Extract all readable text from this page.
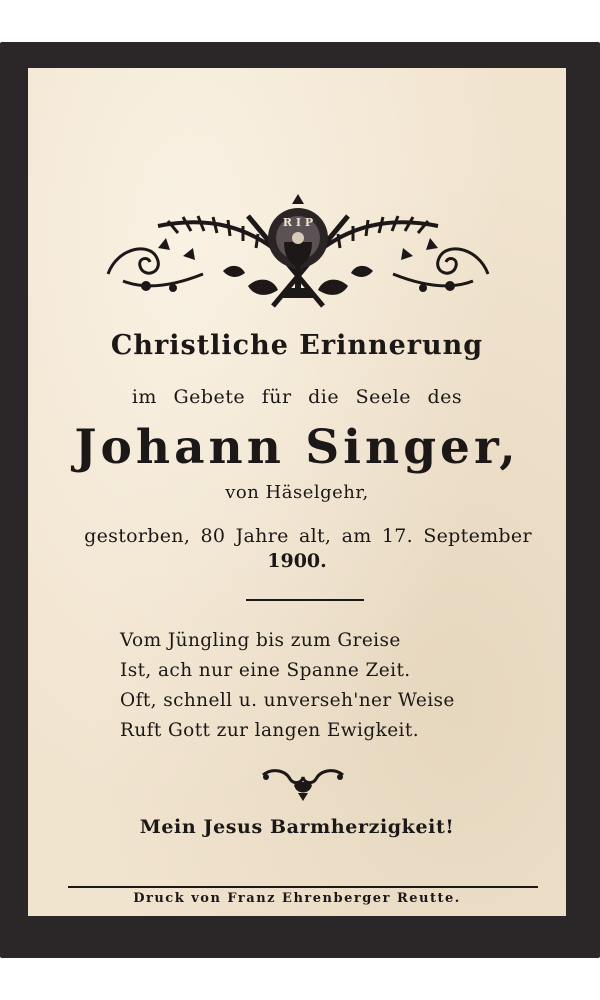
R I P
Christliche Erinnerung
im Gebete für die Seele des
Johann Singer,
von Häselgehr,
gestorben, 80 Jahre alt, am 17. September
1900.
Vom Jüngling bis zum Greise
Ist, ach nur eine Spanne Zeit.
Oft, schnell u. unverseh'ner Weise
Ruft Gott zur langen Ewigkeit.
Mein Jesus Barmherzigkeit!
Druck von Franz Ehrenberger Reutte.
